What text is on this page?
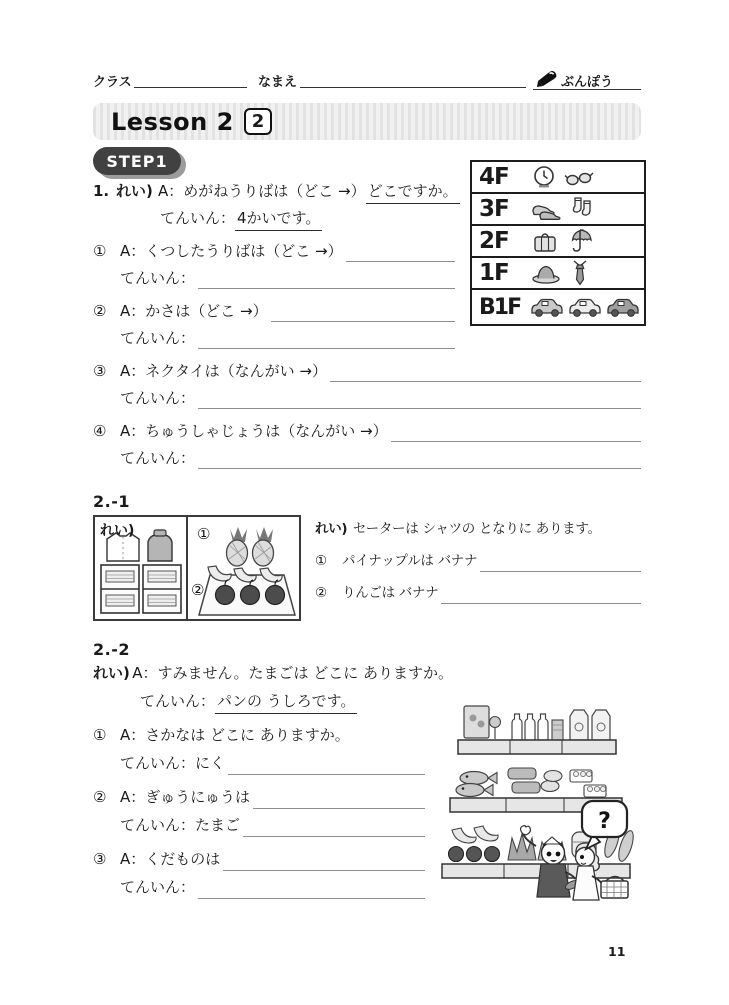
クラス	なまえ	ぶんぽう
Lesson 2	2
STEP1
1. れい) A：めがねうりばは（どこ →） どこですか。
てんいん： 4かいです。
① A：くつしたうりばは（どこ →）
てんいん：
② A：かさは（どこ →）
てんいん：
③ A：ネクタイは（なんがい →）
てんいん：
④ A：ちゅうしゃじょうは（なんがい →）
てんいん：
4F
3F
2F
1F
B1F
2.-1
れい)	①
②
れい) セーターは シャツの となりに あります。
①	パイナップルは バナナ
②	りんごは バナナ
2.-2
れい) A：すみません。たまごは どこに ありますか。
てんいん： パンの うしろです。
① A：さかなは どこに ありますか。
てんいん： にく
② A：ぎゅうにゅうは
てんいん： たまご
③ A：くだものは
てんいん：
?
11
